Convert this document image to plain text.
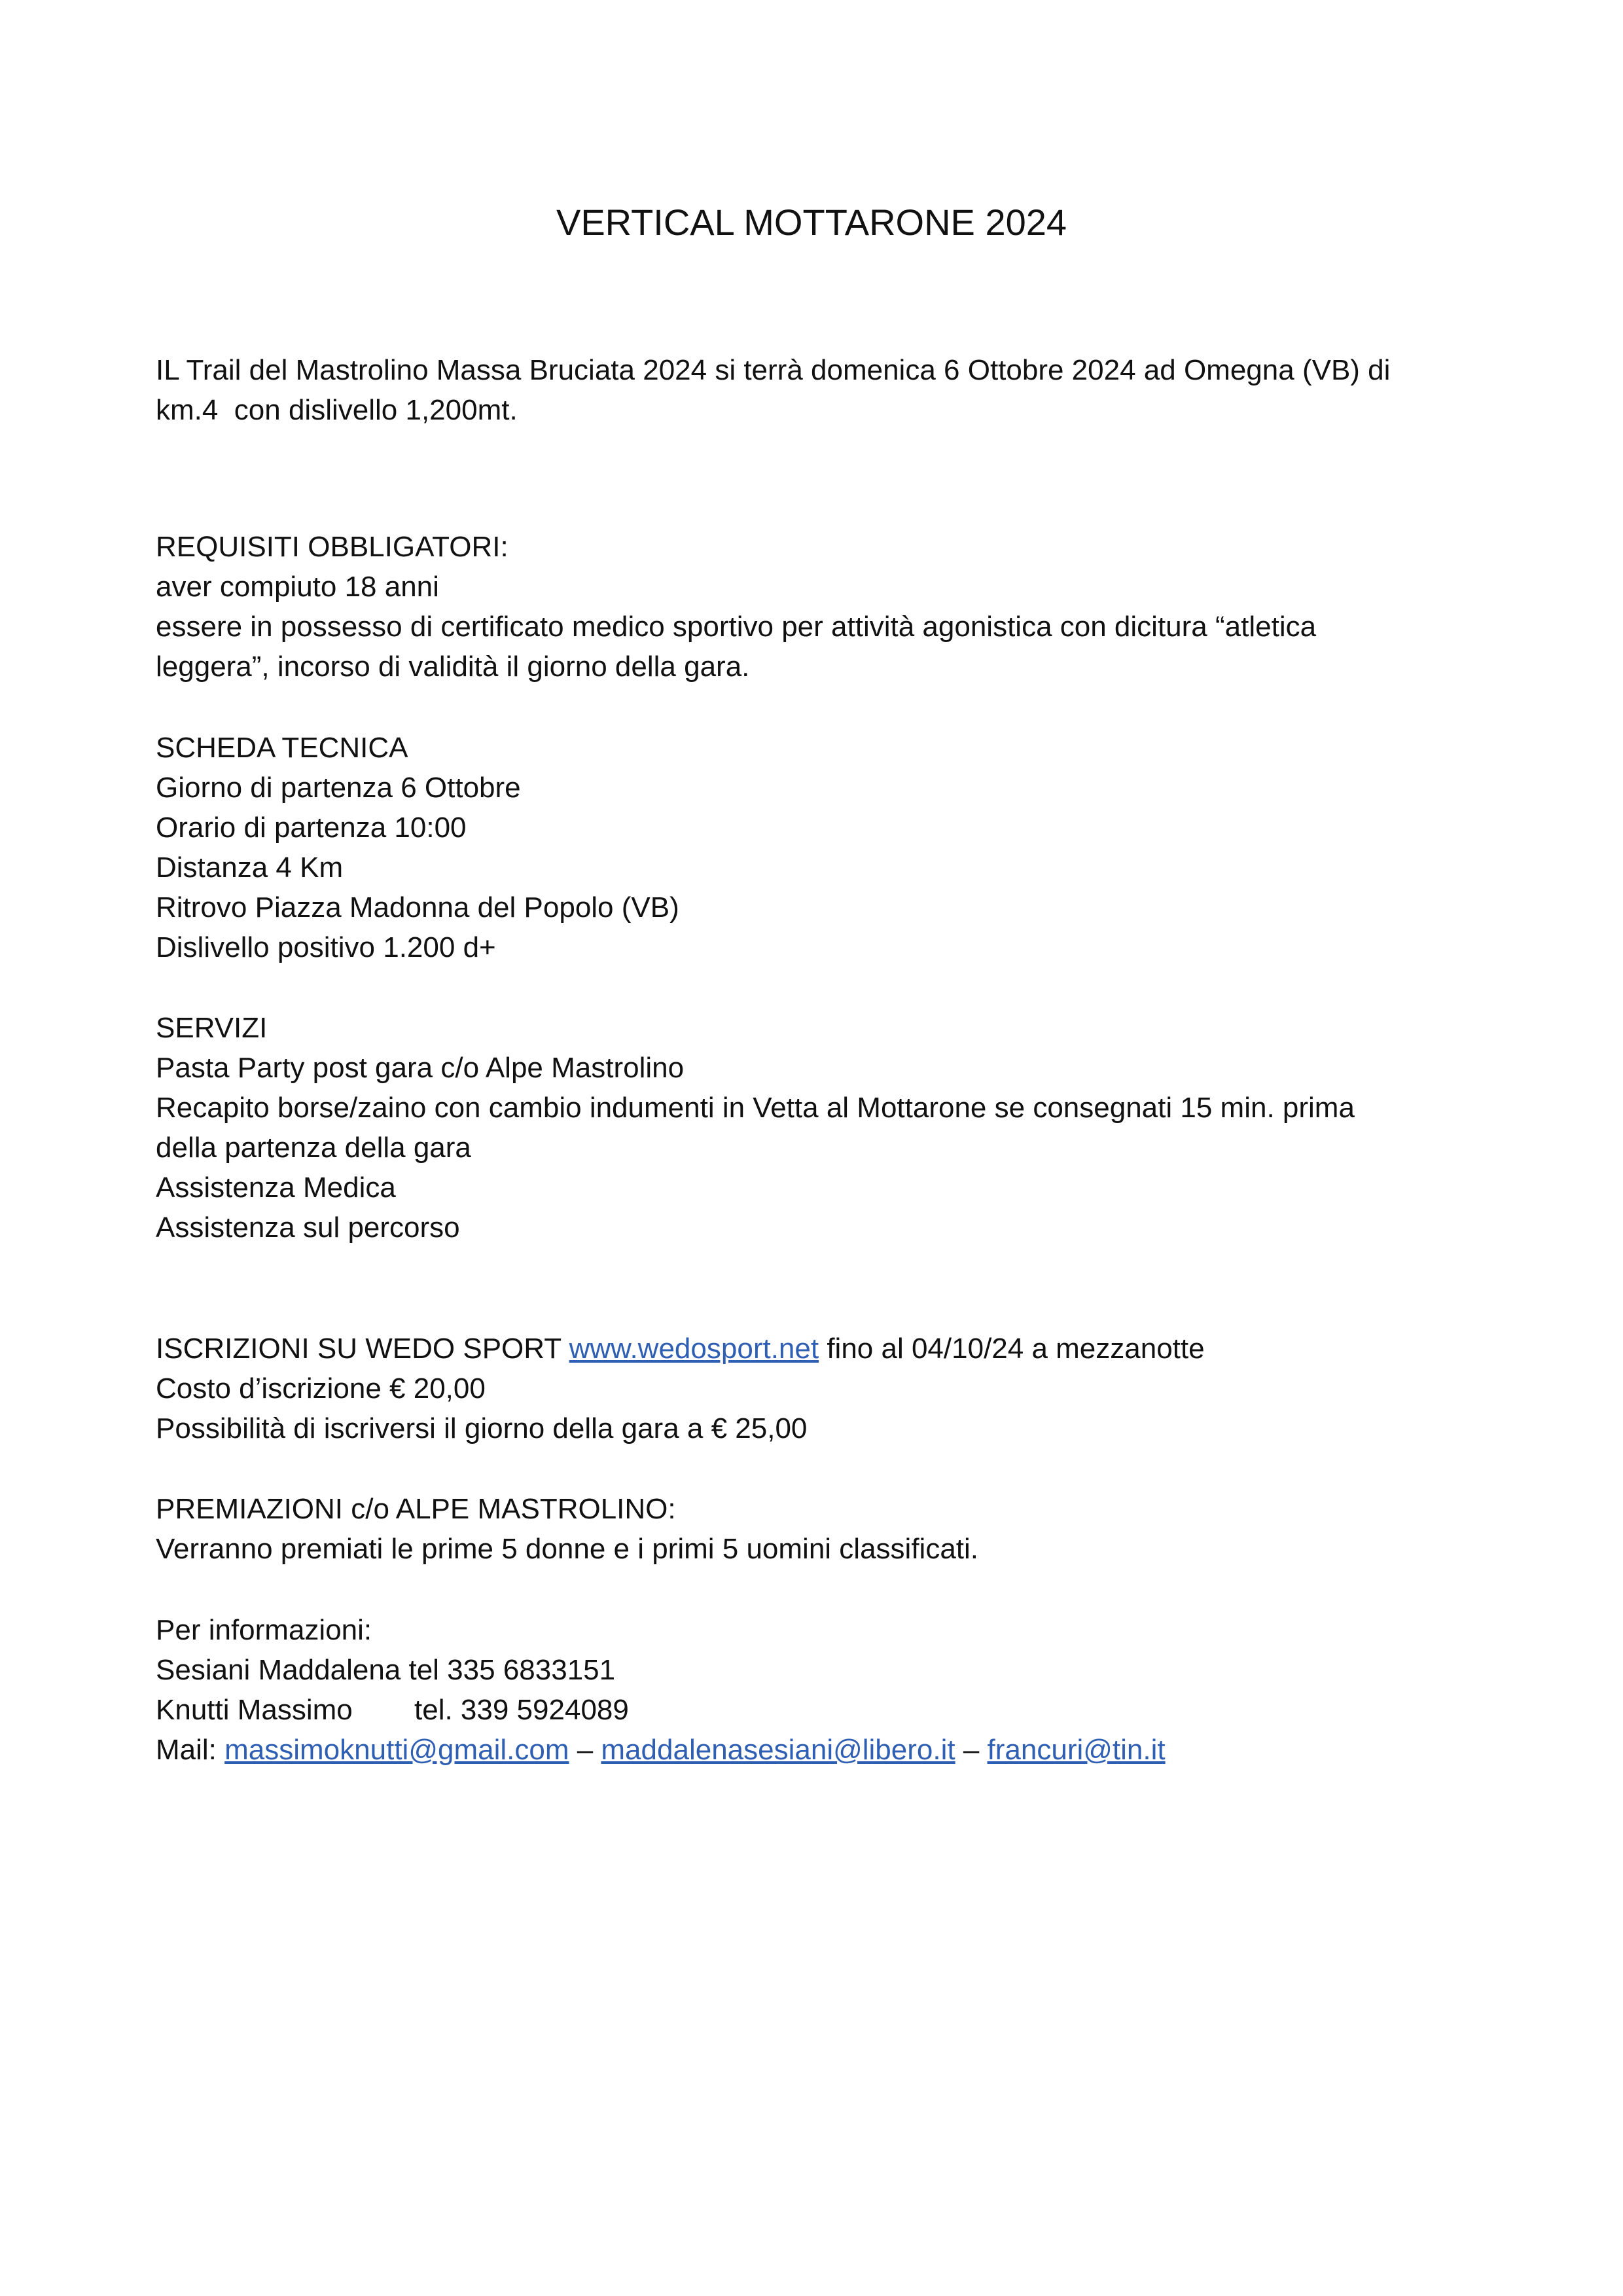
VERTICAL MOTTARONE 2024
IL Trail del Mastrolino Massa Bruciata 2024 si terrà domenica 6 Ottobre 2024 ad Omegna (VB) di
km.4  con dislivello 1,200mt.
REQUISITI OBBLIGATORI:
aver compiuto 18 anni
essere in possesso di certificato medico sportivo per attività agonistica con dicitura “atletica
leggera”, incorso di validità il giorno della gara.
SCHEDA TECNICA
Giorno di partenza 6 Ottobre
Orario di partenza 10:00
Distanza 4 Km
Ritrovo Piazza Madonna del Popolo (VB)
Dislivello positivo 1.200 d+
SERVIZI
Pasta Party post gara c/o Alpe Mastrolino
Recapito borse/zaino con cambio indumenti in Vetta al Mottarone se consegnati 15 min. prima
della partenza della gara
Assistenza Medica
Assistenza sul percorso
ISCRIZIONI SU WEDO SPORT www.wedosport.net fino al 04/10/24 a mezzanotte
Costo d’iscrizione € 20,00
Possibilità di iscriversi il giorno della gara a € 25,00
PREMIAZIONI c/o ALPE MASTROLINO:
Verranno premiati le prime 5 donne e i primi 5 uomini classificati.
Per informazioni:
Sesiani Maddalena tel 335 6833151
Knutti Massimo tel. 339 5924089
Mail: massimoknutti@gmail.com – maddalenasesiani@libero.it – francuri@tin.it
